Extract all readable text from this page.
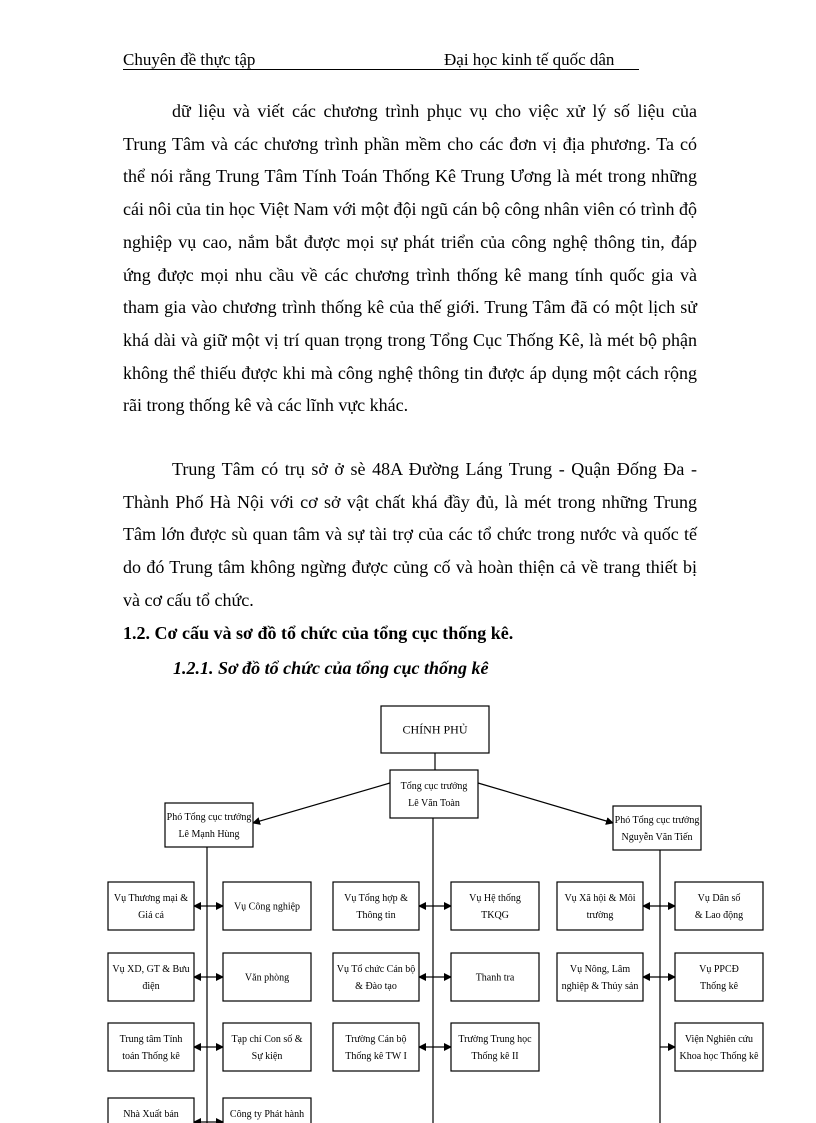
Chuyên đề thực tập	Đại học kinh tế quốc dân

dữ liệu và viết các chương trình phục vụ cho việc xử lý số liệu của Trung Tâm và các chương trình phần mềm cho các đơn vị địa phương. Ta có thể nói rằng Trung Tâm Tính Toán Thống Kê Trung Ương là mét trong những cái nôi của tin học Việt Nam với một đội ngũ cán bộ công nhân viên có trình độ nghiệp vụ cao, nắm bắt được mọi sự phát triển của công nghệ thông tin, đáp ứng được mọi nhu cầu về các chương trình thống kê mang tính quốc gia và tham gia vào chương trình thống kê của thế giới. Trung Tâm đã có một lịch sử khá dài và giữ một vị trí quan trọng trong Tổng Cục Thống Kê, là mét bộ phận không thể thiếu được khi mà công nghệ thông tin được áp dụng một cách rộng rãi trong thống kê và các lĩnh vực khác.

Trung Tâm có trụ sở ở sè 48A Đường Láng Trung - Quận Đống Đa - Thành Phố Hà Nội với cơ sở vật chất khá đầy đủ, là mét trong những Trung Tâm lớn được sù quan tâm và sự tài trợ của các tổ chức trong nước và quốc tế do đó Trung tâm không ngừng được củng cố và hoàn thiện cả về trang thiết bị và cơ cấu tổ chức.

1.2. Cơ cấu và sơ đồ tổ chức của tổng cục thống kê.

1.2.1. Sơ đồ tổ chức của tổng cục thống kê

CHÍNH PHỦ
Tổng cục trưởng
Lê Văn Toàn
Phó Tổng cục trưởng
Lê Mạnh Hùng
Phó Tổng cục trưởng
Nguyễn Văn Tiến
Vụ Thương mại &
Giá cả
Vụ XD, GT & Bưu
điện
Trung tâm Tính
toán Thống kê
Nhà Xuất bản
Vụ Công nghiệp
Văn phòng
Tạp chí Con số &
Sự kiện
Công ty Phát hành
Vụ Tổng hợp &
Thông tin
Vụ Tổ chức Cán bộ
& Đào tạo
Trường Cán bộ
Thống kê TW I
Vụ Hệ thống
TKQG
Thanh tra
Trường Trung học
Thống kê II
Vụ Xã hội & Môi
trường
Vụ Nông, Lâm
nghiệp & Thủy sản
Vụ Dân số
& Lao động
Vụ PPCĐ
Thống kê
Viện Nghiên cứu
Khoa học Thống kê
